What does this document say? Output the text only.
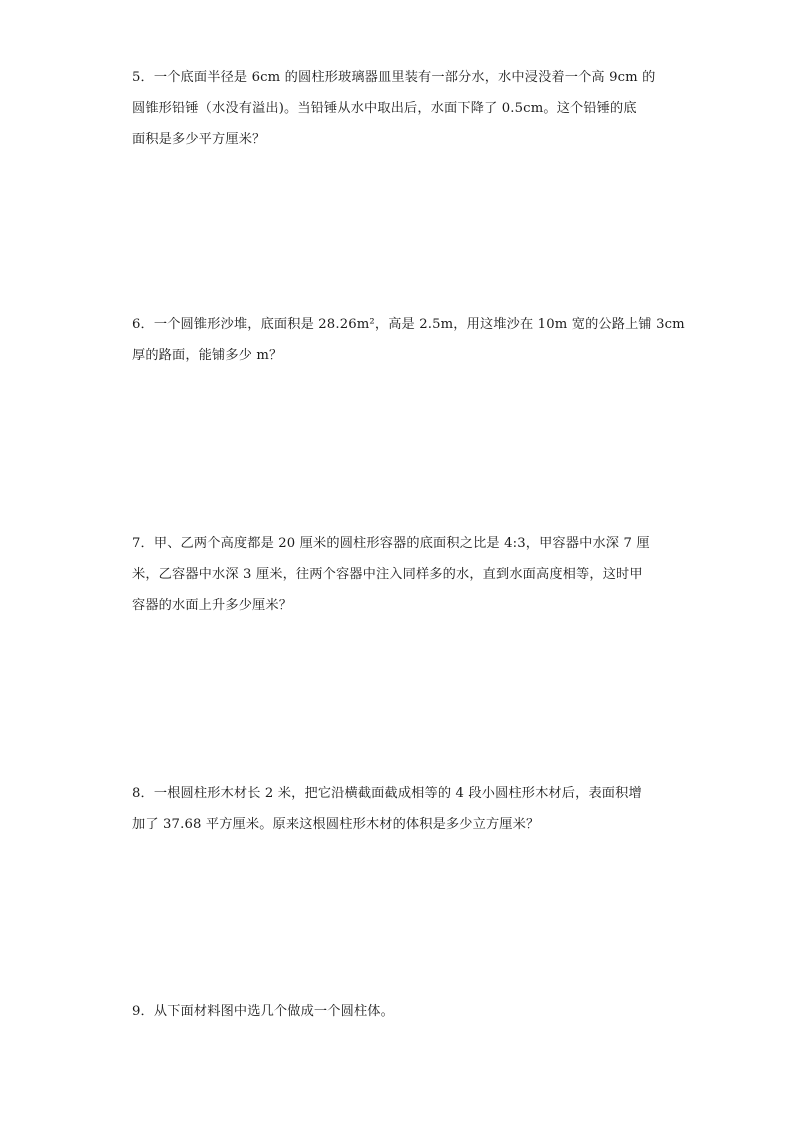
5．一个底面半径是 6cm 的圆柱形玻璃器皿里装有一部分水，水中浸没着一个高 9cm 的
圆锥形铅锤（水没有溢出)。当铅锤从水中取出后，水面下降了 0.5cm。这个铅锤的底
面积是多少平方厘米？
6．一个圆锥形沙堆，底面积是 28.26m²，高是 2.5m，用这堆沙在 10m 宽的公路上铺 3cm
厚的路面，能铺多少 m？
7．甲、乙两个高度都是 20 厘米的圆柱形容器的底面积之比是 4:3，甲容器中水深 7 厘
米，乙容器中水深 3 厘米，往两个容器中注入同样多的水，直到水面高度相等，这时甲
容器的水面上升多少厘米？
8．一根圆柱形木材长 2 米，把它沿横截面截成相等的 4 段小圆柱形木材后，表面积增
加了 37.68 平方厘米。原来这根圆柱形木材的体积是多少立方厘米？
9．从下面材料图中选几个做成一个圆柱体。
